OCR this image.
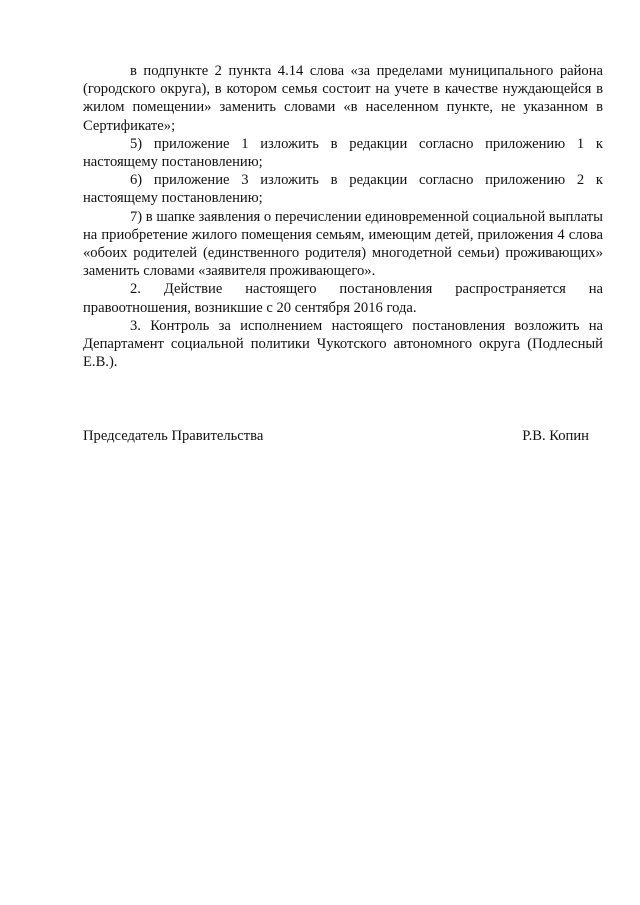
в подпункте 2 пункта 4.14 слова «за пределами муниципального района (городского округа), в котором семья состоит на учете в качестве нуждающейся в жилом помещении» заменить словами «в населенном пункте, не указанном в Сертификате»;

5) приложение 1 изложить в редакции согласно приложению 1 к настоящему постановлению;

6) приложение 3 изложить в редакции согласно приложению 2 к настоящему постановлению;

7) в шапке заявления о перечислении единовременной социальной выплаты на приобретение жилого помещения семьям, имеющим детей, приложения 4 слова «обоих родителей (единственного родителя) многодетной семьи) проживающих» заменить словами «заявителя проживающего».

2. Действие настоящего постановления распространяется на правоотношения, возникшие с 20 сентября 2016 года.

3. Контроль за исполнением настоящего постановления возложить на Департамент социальной политики Чукотского автономного округа (Подлесный Е.В.).

Председатель Правительства	Р.В. Копин
